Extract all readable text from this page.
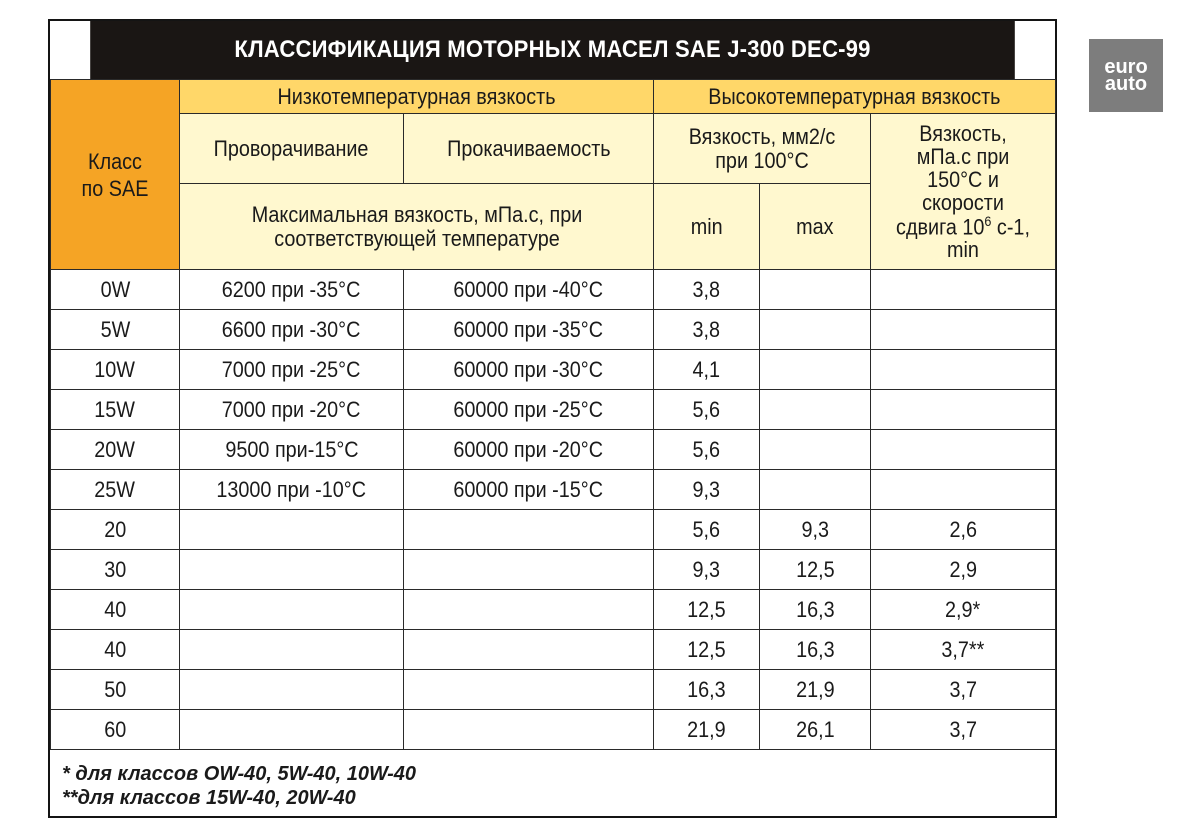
КЛАССИФИКАЦИЯ МОТОРНЫХ МАСЕЛ SAE J-300 DEC-99
Класс по SAE	Низкотемпературная вязкость		Высокотемпературная вязкость		
	Проворачивание	Прокачиваемость	Вязкость, мм2/с при 100°С		Вязкость, мПа.с при 150°С и скорости сдвига $10^6$ с-1, min

	Максимальная вязкость, мПа.с, при соответствующей температуре		min	max	
0W	6200 при -35°С	60000 при -40°С	3,8		
5W	6600 при -30°С	60000 при -35°С	3,8		
10W	7000 при -25°С	60000 при -30°С	4,1		
15W	7000 при -20°С	60000 при -25°С	5,6		
20W	9500 при-15°С	60000 при -20°С	5,6		
25W	13000 при -10°С	60000 при -15°С	9,3		
20			5,6	9,3	2,6
30			9,3	12,5	2,9
40			12,5	16,3	2,9*
40			12,5	16,3	3,7**
50			16,3	21,9	3,7
60			21,9	26,1	3,7
* для классов OW-40, 5W-40, 10W-40
**для классов 15W-40, 20W-40
euro
auto
